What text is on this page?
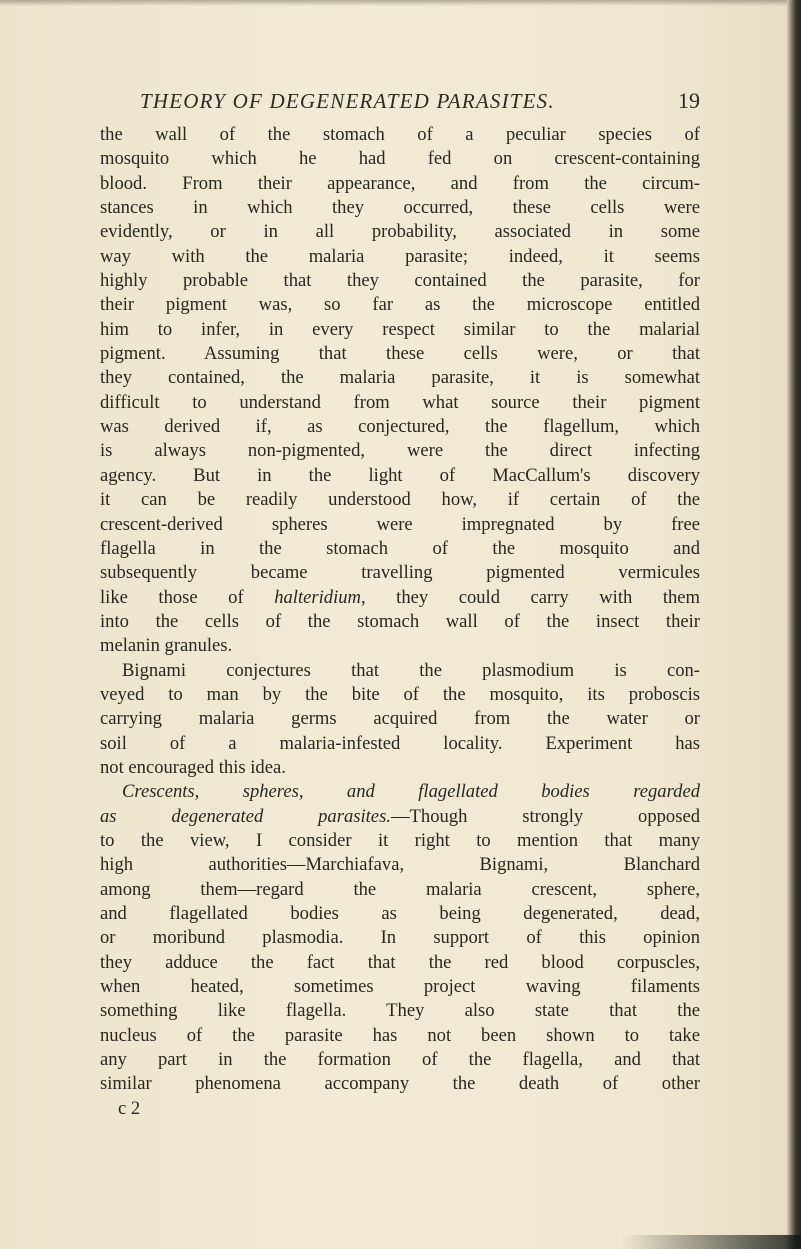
THEORY OF DEGENERATED PARASITES.	19
the wall of the stomach of a peculiar species of
mosquito which he had fed on crescent-containing
blood. From their appearance, and from the circum-
stances in which they occurred, these cells were
evidently, or in all probability, associated in some
way with the malaria parasite; indeed, it seems
highly probable that they contained the parasite, for
their pigment was, so far as the microscope entitled
him to infer, in every respect similar to the malarial
pigment. Assuming that these cells were, or that
they contained, the malaria parasite, it is somewhat
difficult to understand from what source their pigment
was derived if, as conjectured, the flagellum, which
is always non-pigmented, were the direct infecting
agency. But in the light of MacCallum's discovery
it can be readily understood how, if certain of the
crescent-derived spheres were impregnated by free
flagella in the stomach of the mosquito and
subsequently became travelling pigmented vermicules
like those of halteridium, they could carry with them
into the cells of the stomach wall of the insect their
melanin granules.
Bignami conjectures that the plasmodium is con-
veyed to man by the bite of the mosquito, its proboscis
carrying malaria germs acquired from the water or
soil of a malaria-infested locality. Experiment has
not encouraged this idea.
Crescents, spheres, and flagellated bodies regarded
as degenerated parasites.—Though strongly opposed
to the view, I consider it right to mention that many
high authorities—Marchiafava, Bignami, Blanchard
among them—regard the malaria crescent, sphere,
and flagellated bodies as being degenerated, dead,
or moribund plasmodia. In support of this opinion
they adduce the fact that the red blood corpuscles,
when heated, sometimes project waving filaments
something like flagella. They also state that the
nucleus of the parasite has not been shown to take
any part in the formation of the flagella, and that
similar phenomena accompany the death of other
c 2
